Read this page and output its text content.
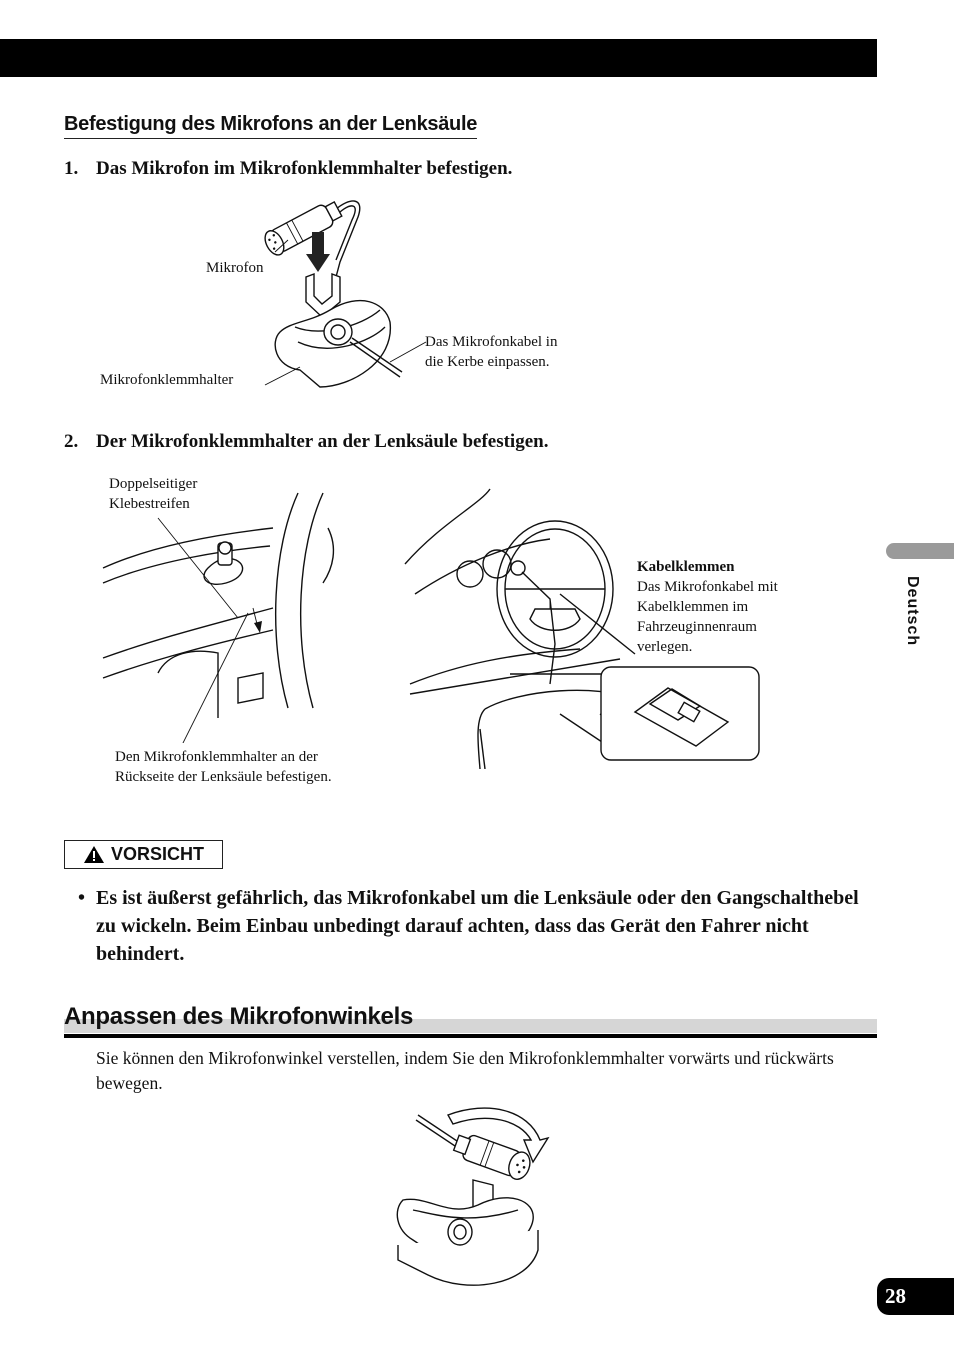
Befestigung des Mikrofons an der Lenksäule
1. Das Mikrofon im Mikrofonklemmhalter befestigen.
Mikrofon
Mikrofonklemmhalter
Das Mikrofonkabel in
die Kerbe einpassen.
2. Der Mikrofonklemmhalter an der Lenksäule befestigen.
Doppelseitiger
Klebestreifen
Den Mikrofonklemmhalter an der
Rückseite der Lenksäule befestigen.
Kabelklemmen
Das Mikrofonkabel mit
Kabelklemmen im
Fahrzeuginnenraum
verlegen.
VORSICHT
• Es ist äußerst gefährlich, das Mikrofonkabel um die Lenksäule oder den Gangschalthebel zu wickeln. Beim Einbau unbedingt darauf achten, dass das Gerät den Fahrer nicht behindert.
Anpassen des Mikrofonwinkels
Sie können den Mikrofonwinkel verstellen, indem Sie den Mikrofonklemmhalter vorwärts und rückwärts bewegen.
Deutsch
28
